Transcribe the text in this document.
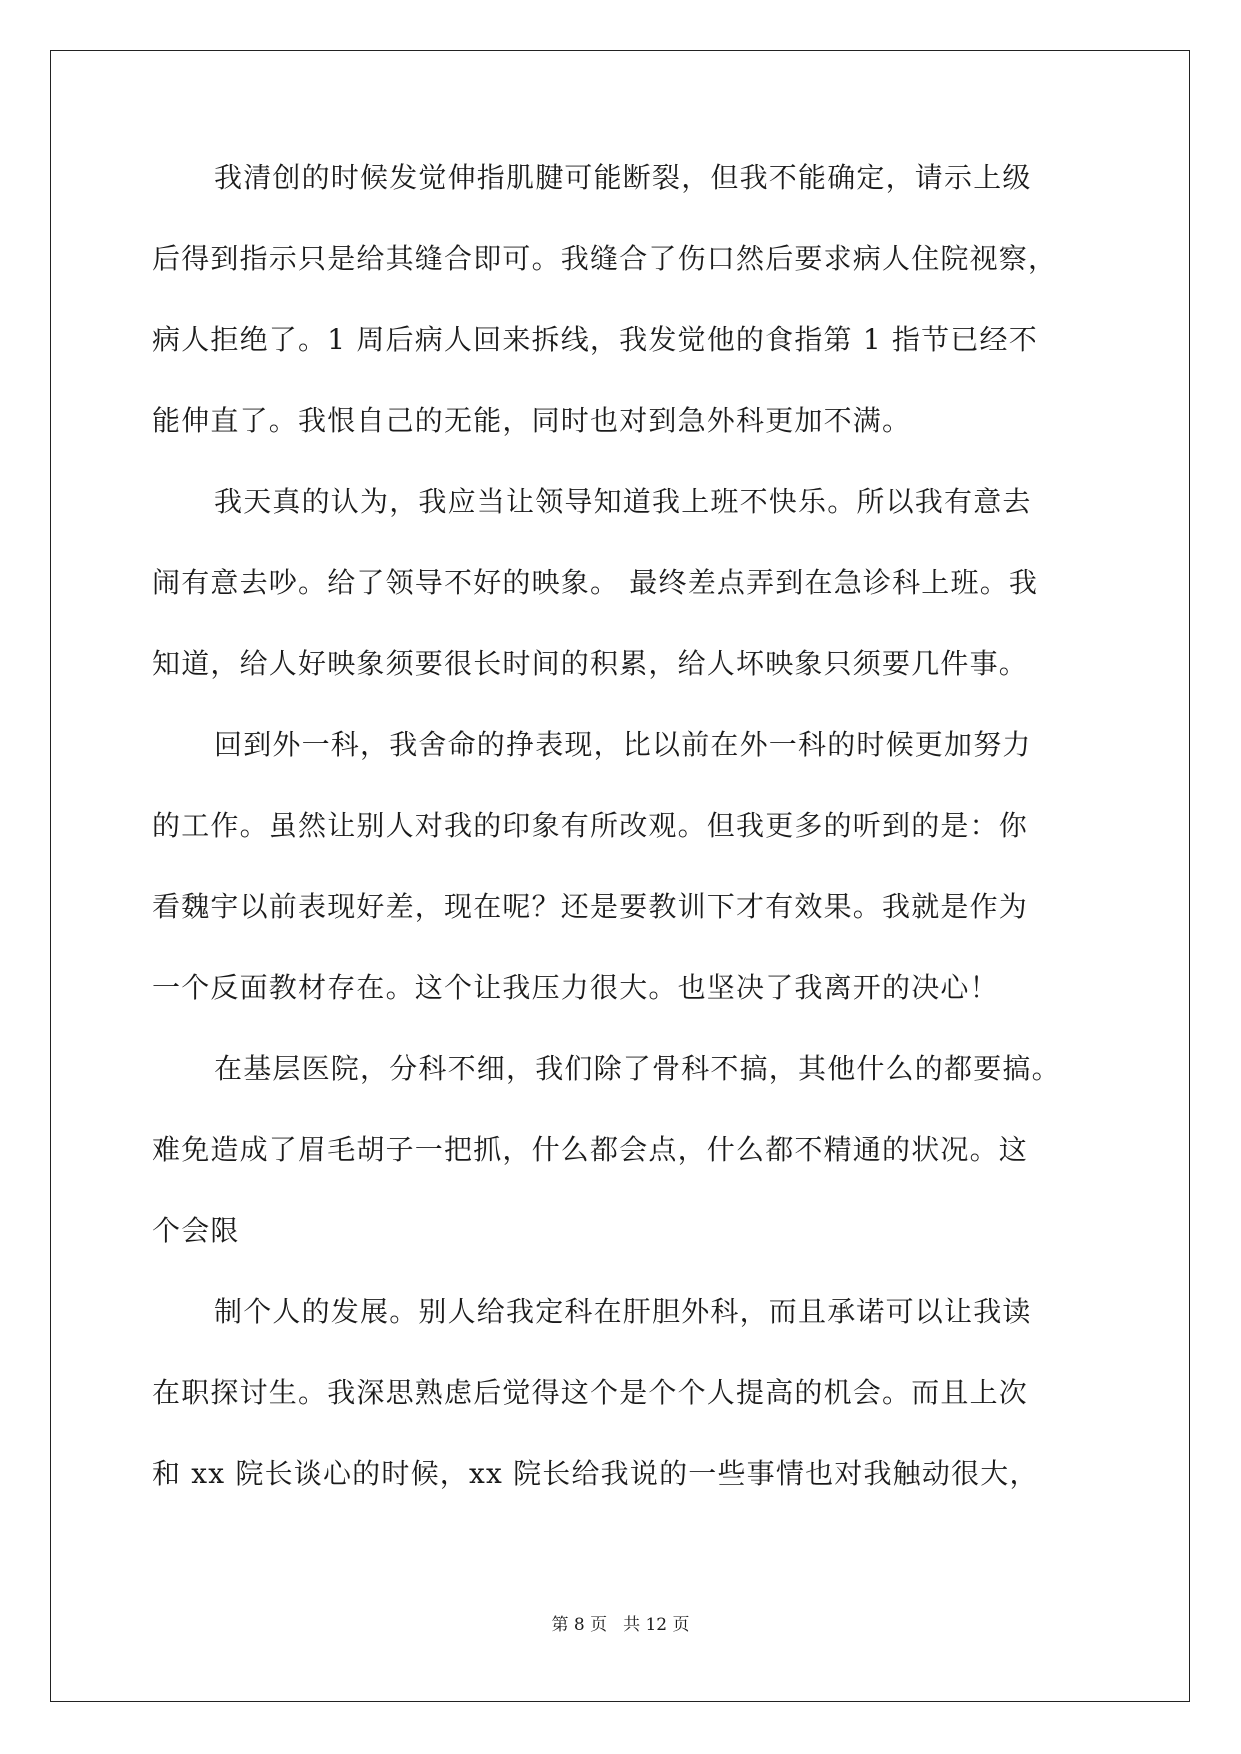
我清创的时候发觉伸指肌腱可能断裂，但我不能确定，请示上级
后得到指示只是给其缝合即可。我缝合了伤口然后要求病人住院视察，
病人拒绝了。1 周后病人回来拆线，我发觉他的食指第 1 指节已经不
能伸直了。我恨自己的无能，同时也对到急外科更加不满。
我天真的认为，我应当让领导知道我上班不快乐。所以我有意去
闹有意去吵。给了领导不好的映象。 最终差点弄到在急诊科上班。我
知道，给人好映象须要很长时间的积累，给人坏映象只须要几件事。
回到外一科，我舍命的挣表现，比以前在外一科的时候更加努力
的工作。虽然让别人对我的印象有所改观。但我更多的听到的是：你
看魏宇以前表现好差，现在呢？还是要教训下才有效果。我就是作为
一个反面教材存在。这个让我压力很大。也坚决了我离开的决心！
在基层医院，分科不细，我们除了骨科不搞，其他什么的都要搞。
难免造成了眉毛胡子一把抓，什么都会点，什么都不精通的状况。这
个会限
制个人的发展。别人给我定科在肝胆外科，而且承诺可以让我读
在职探讨生。我深思熟虑后觉得这个是个个人提高的机会。而且上次
和 xx 院长谈心的时候，xx 院长给我说的一些事情也对我触动很大，
第 8 页 共 12 页
